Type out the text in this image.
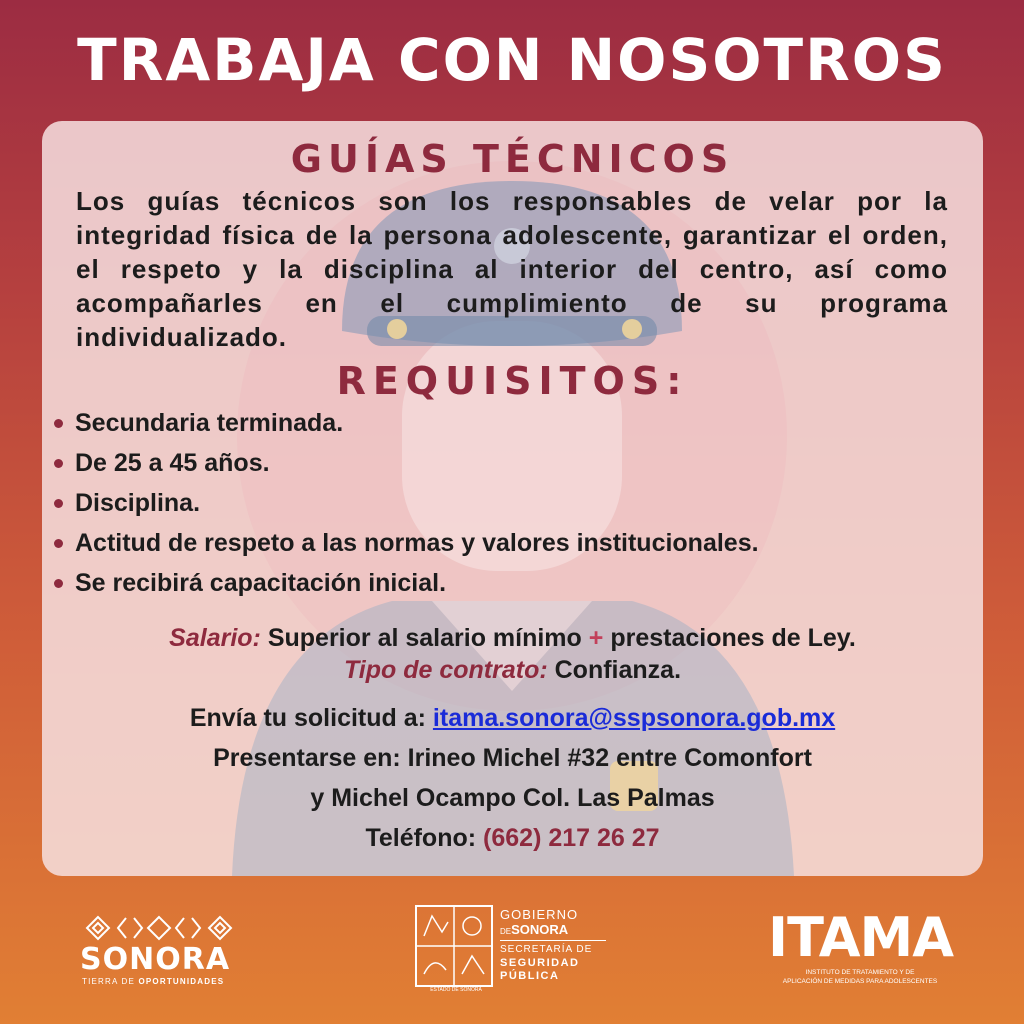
TRABAJA CON NOSOTROS
GUÍAS TÉCNICOS

Los guías técnicos son los responsables de velar por la integridad física de la persona adolescente, garantizar el orden, el respeto y la disciplina al interior del centro, así como acompañarles en el cumplimiento de su programa individualizado.

REQUISITOS:
Secundaria terminada.
De 25 a 45 años.
Disciplina.
Actitud de respeto a las normas y valores institucionales.
Se recibirá capacitación inicial.
Salario: Superior al salario mínimo + prestaciones de Ley.
Tipo de contrato: Confianza.
Envía tu solicitud a: itama.sonora@sspsonora.gob.mx
Presentarse en: Irineo Michel #32 entre Comonfort
y Michel Ocampo Col. Las Palmas
Teléfono: (662) 217 26 27
SONORA
TIERRA DE OPORTUNIDADES
ESTADO DE SONORA
GOBIERNO
DESONORA
SECRETARÍA DE
SEGURIDAD
PÚBLICA
ITAMA
INSTITUTO DE TRATAMIENTO Y DE
APLICACIÓN DE MEDIDAS PARA ADOLESCENTES
